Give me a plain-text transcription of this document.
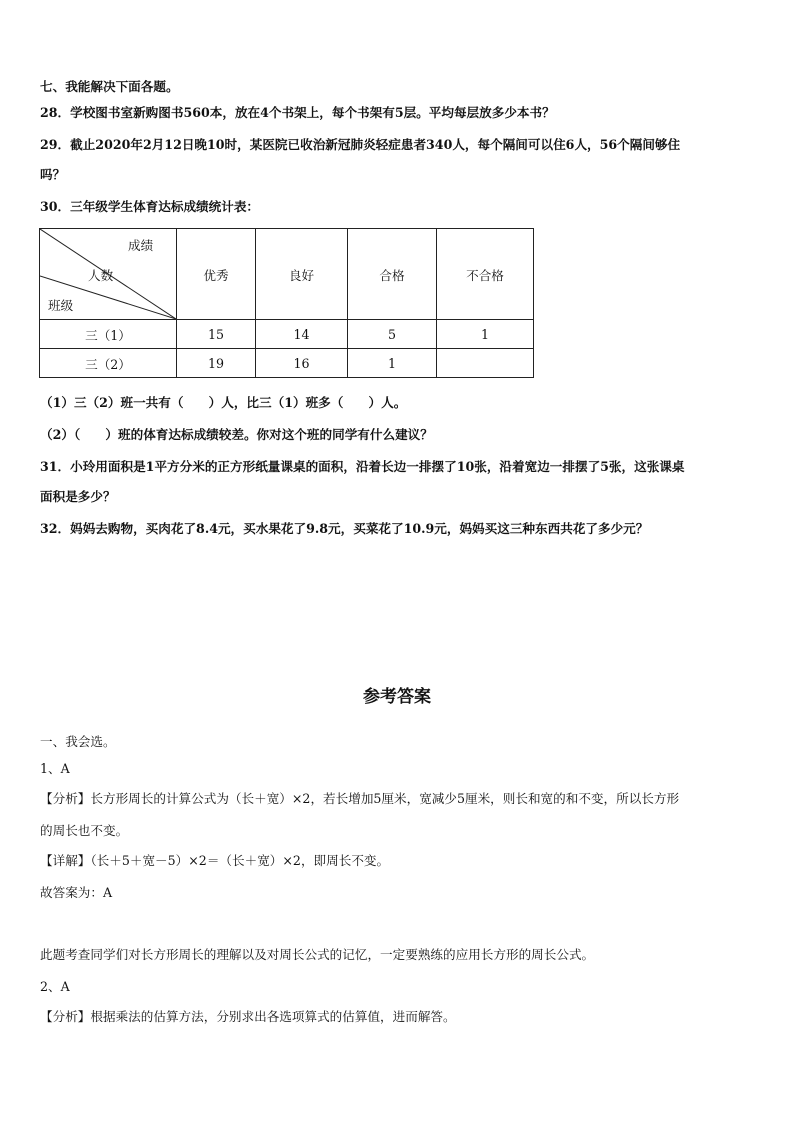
七、我能解决下面各题。

28．学校图书室新购图书560本，放在4个书架上，每个书架有5层。平均每层放多少本书？

29．截止2020年2月12日晚10时，某医院已收治新冠肺炎轻症患者340人，每个隔间可以住6人，56个隔间够住

吗？

30．三年级学生体育达标成绩统计表：

成绩
人数
班级	优秀	良好	合格	不合格
三（1）	15	14	5	1
三（2）	19	16	1	

（1）三（2）班一共有（　　）人，比三（1）班多（　　）人。

（2）（　　）班的体育达标成绩较差。你对这个班的同学有什么建议？

31．小玲用面积是1平方分米的正方形纸量课桌的面积，沿着长边一排摆了10张，沿着宽边一排摆了5张，这张课桌

面积是多少？

32．妈妈去购物，买肉花了8.4元，买水果花了9.8元，买菜花了10.9元，妈妈买这三种东西共花了多少元？

参考答案

一、我会选。

1、A

【分析】长方形周长的计算公式为（长＋宽）×2，若长增加5厘米，宽减少5厘米，则长和宽的和不变，所以长方形

的周长也不变。

【详解】（长＋5＋宽－5）×2＝（长＋宽）×2，即周长不变。

故答案为：A

此题考查同学们对长方形周长的理解以及对周长公式的记忆，一定要熟练的应用长方形的周长公式。

2、A

【分析】根据乘法的估算方法，分别求出各选项算式的估算值，进而解答。
